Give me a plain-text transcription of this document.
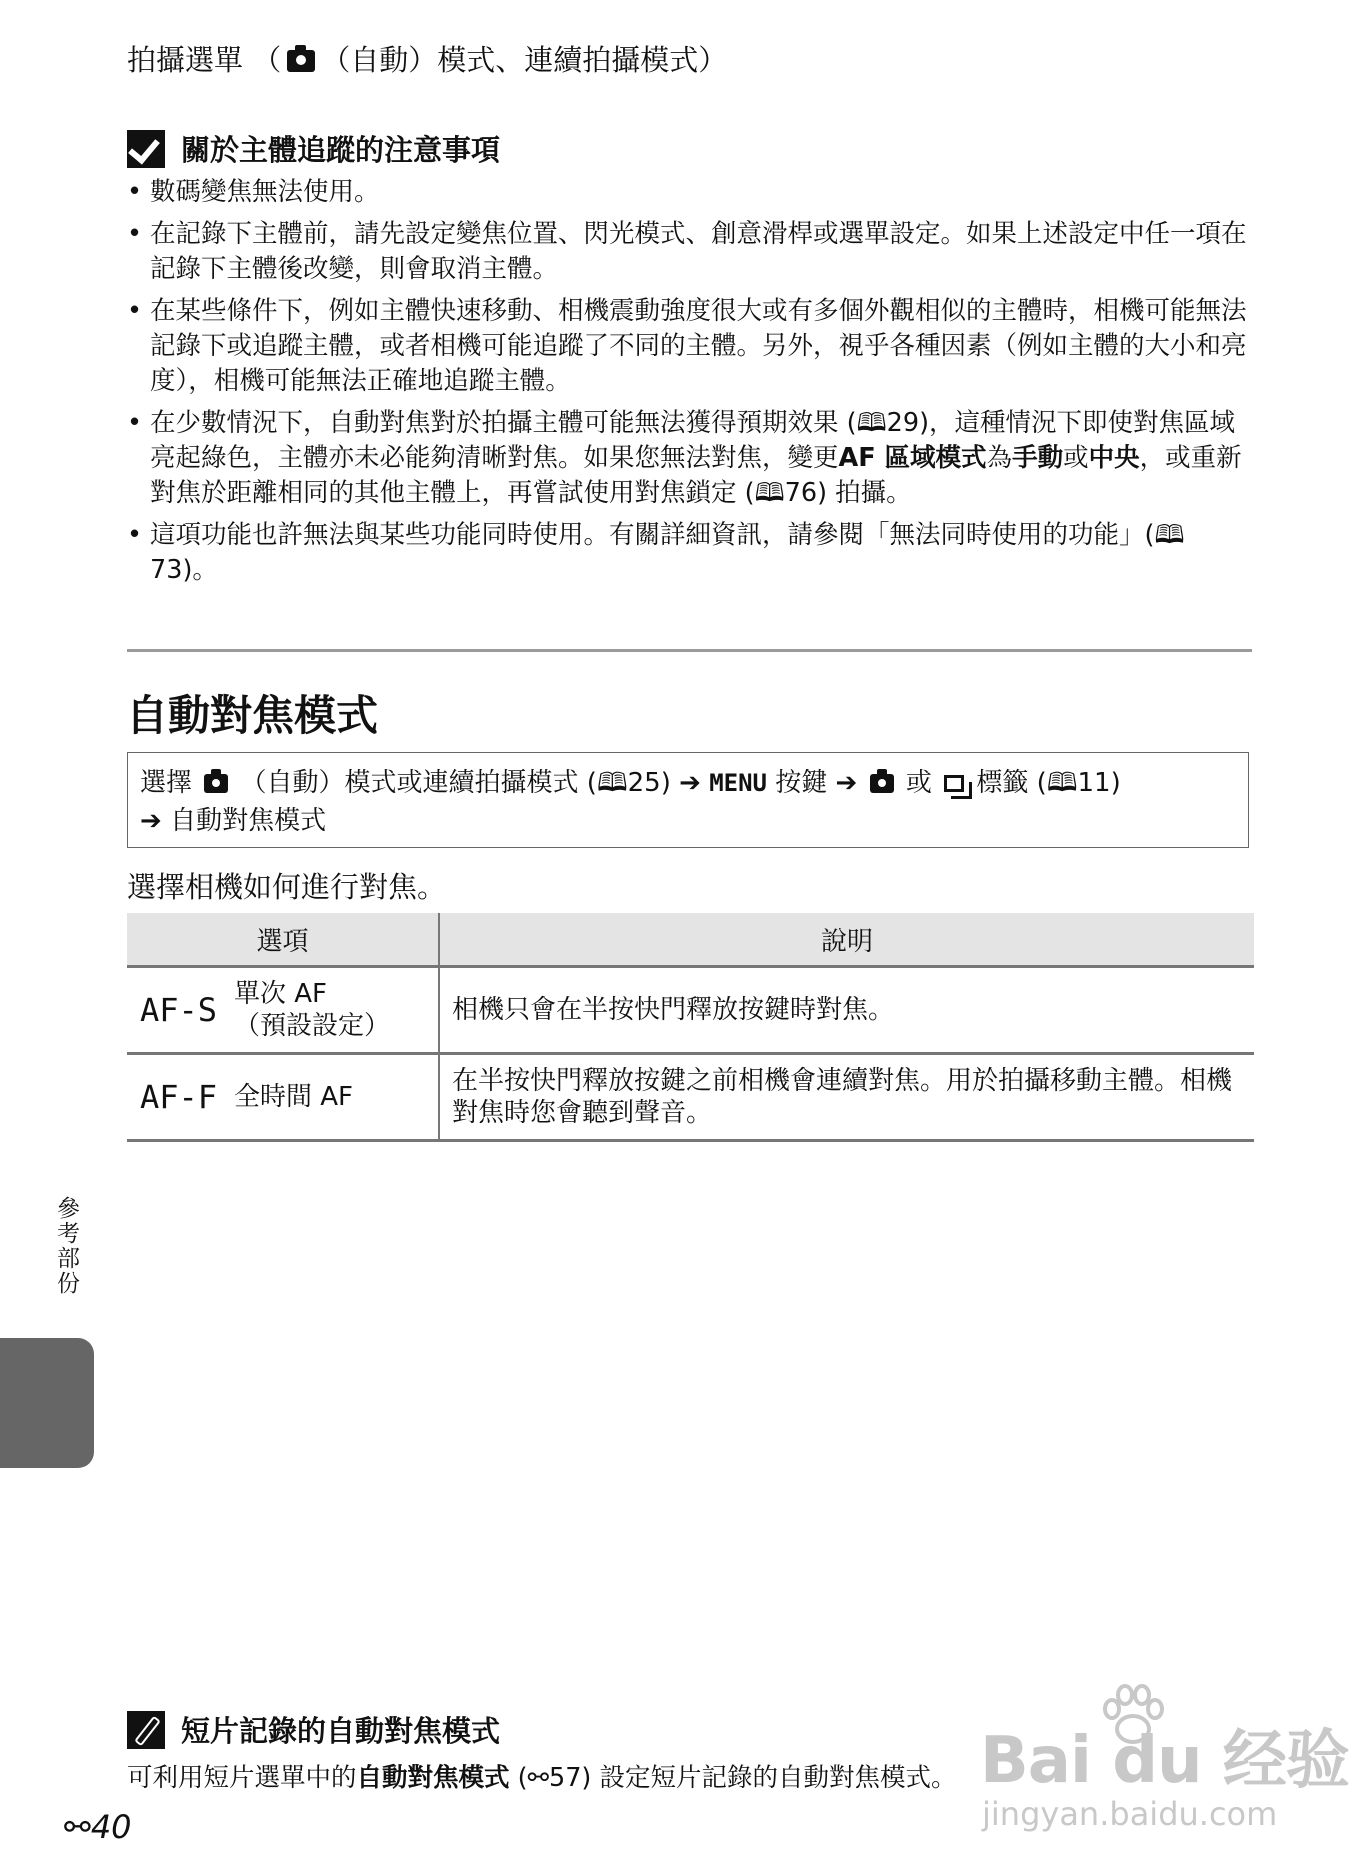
拍攝選單 （ （自動）模式、連續拍攝模式）
關於主體追蹤的注意事項
• 數碼變焦無法使用。
• 在記錄下主體前，請先設定變焦位置、閃光模式、創意滑桿或選單設定。如果上述設定中任一項在記錄下主體後改變，則會取消主體。
• 在某些條件下，例如主體快速移動、相機震動強度很大或有多個外觀相似的主體時，相機可能無法記錄下或追蹤主體，或者相機可能追蹤了不同的主體。另外，視乎各種因素（例如主體的大小和亮度），相機可能無法正確地追蹤主體。
• 在少數情況下，自動對焦對於拍攝主體可能無法獲得預期效果 (🕮29)，這種情況下即使對焦區域亮起綠色，主體亦未必能夠清晰對焦。如果您無法對焦，變更AF 區域模式為手動或中央，或重新對焦於距離相同的其他主體上，再嘗試使用對焦鎖定 (🕮76) 拍攝。
• 這項功能也許無法與某些功能同時使用。有關詳細資訊，請參閱「無法同時使用的功能」(🕮73)。
自動對焦模式
選擇 （自動）模式或連續拍攝模式 (🕮25) ➔ MENU 按鍵 ➔ 或 標籤 (🕮11)
➔ 自動對焦模式
選擇相機如何進行對焦。
選項	說明

AF-S 單次 AF
（預設設定）	相機只會在半按快門釋放按鍵時對焦。

AF-F 全時間 AF	在半按快門釋放按鍵之前相機會連續對焦。用於拍攝移動主體。相機對焦時您會聽到聲音。
參考部份
短片記錄的自動對焦模式
可利用短片選單中的自動對焦模式 (⚯57) 設定短片記錄的自動對焦模式。
⚯40
Bai du 经验
jingyan.baidu.com
